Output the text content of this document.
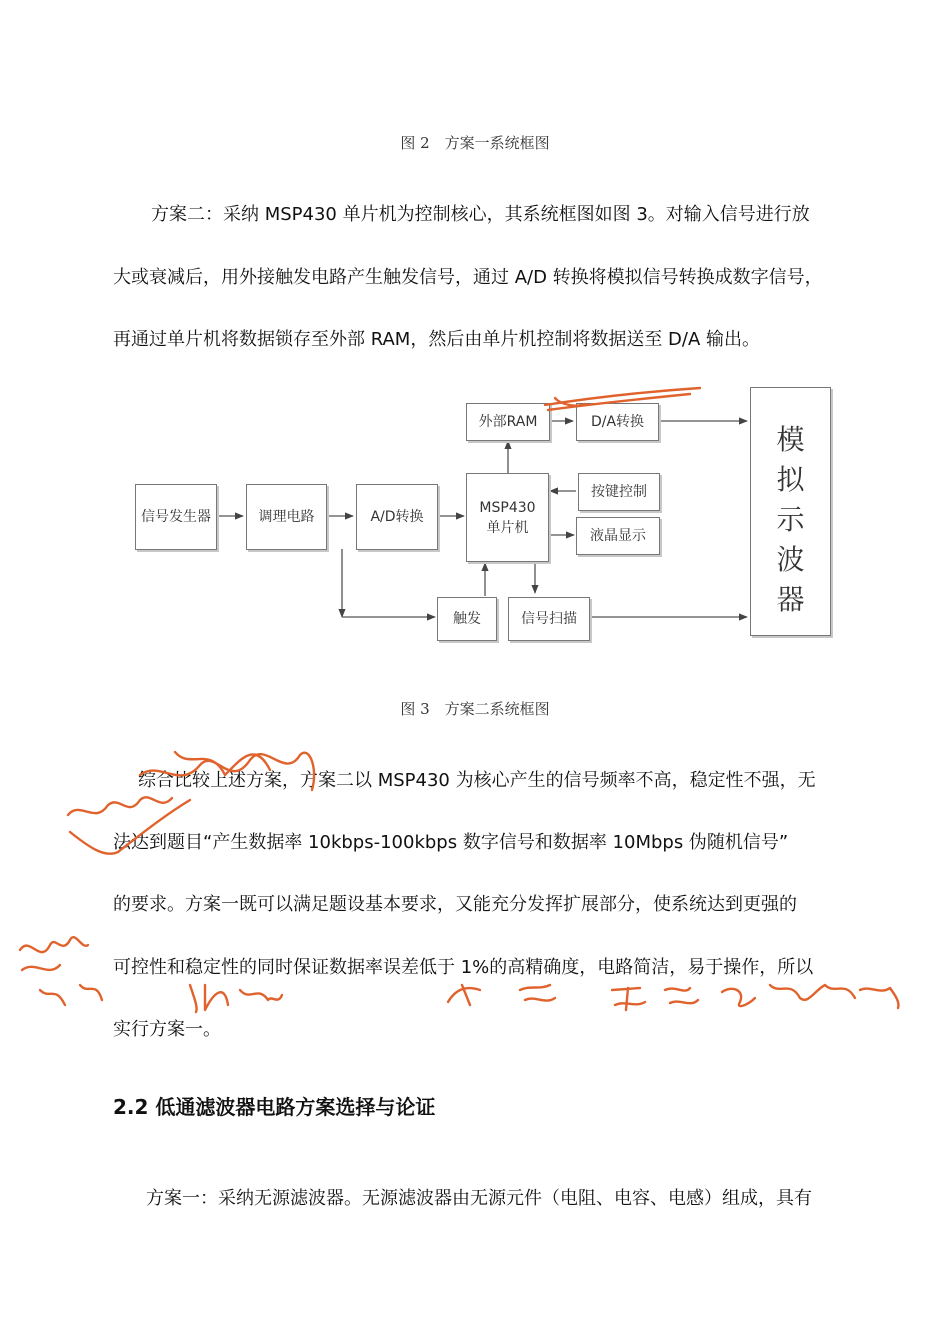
图 2　方案一系统框图
方案二：采纳 MSP430 单片机为控制核心，其系统框图如图 3。对输入信号进行放
大或衰减后，用外接触发电路产生触发信号，通过 A/D 转换将模拟信号转换成数字信号，
再通过单片机将数据锁存至外部 RAM，然后由单片机控制将数据送至 D/A 输出。
信号发生器	调理电路	A/D转换
MSP430
单片机
外部RAM	D/A转换
按键控制
液晶显示
触发	信号扫描
模
拟
示
波
器
图 3　方案二系统框图
综合比较上述方案，方案二以 MSP430 为核心产生的信号频率不高，稳定性不强，无
法达到题目“产生数据率 10kbps-100kbps 数字信号和数据率 10Mbps 伪随机信号”
的要求。方案一既可以满足题设基本要求，又能充分发挥扩展部分，使系统达到更强的
可控性和稳定性的同时保证数据率误差低于 1%的高精确度，电路简洁，易于操作，所以
实行方案一。
2.2 低通滤波器电路方案选择与论证
方案一：采纳无源滤波器。无源滤波器由无源元件（电阻、电容、电感）组成，具有
